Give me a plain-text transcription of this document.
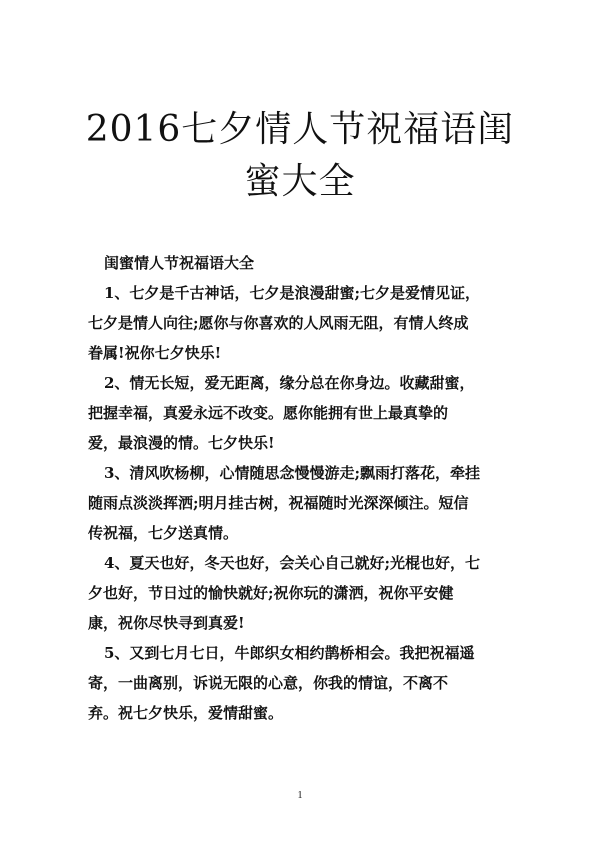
2016七夕情人节祝福语闺
蜜大全

闺蜜情人节祝福语大全

1、七夕是千古神话，七夕是浪漫甜蜜;七夕是爱情见证，
七夕是情人向往;愿你与你喜欢的人风雨无阻，有情人终成
眷属!祝你七夕快乐!
2、情无长短，爱无距离，缘分总在你身边。收藏甜蜜，
把握幸福，真爱永远不改变。愿你能拥有世上最真挚的
爱，最浪漫的情。七夕快乐!
3、清风吹杨柳，心情随思念慢慢游走;飘雨打落花，牵挂
随雨点淡淡挥洒;明月挂古树，祝福随时光深深倾注。短信
传祝福，七夕送真情。
4、夏天也好，冬天也好，会关心自己就好;光棍也好，七
夕也好，节日过的愉快就好;祝你玩的潇洒，祝你平安健
康，祝你尽快寻到真爱!
5、又到七月七日，牛郎织女相约鹊桥相会。我把祝福遥
寄，一曲离别，诉说无限的心意，你我的情谊，不离不
弃。祝七夕快乐，爱情甜蜜。
1
